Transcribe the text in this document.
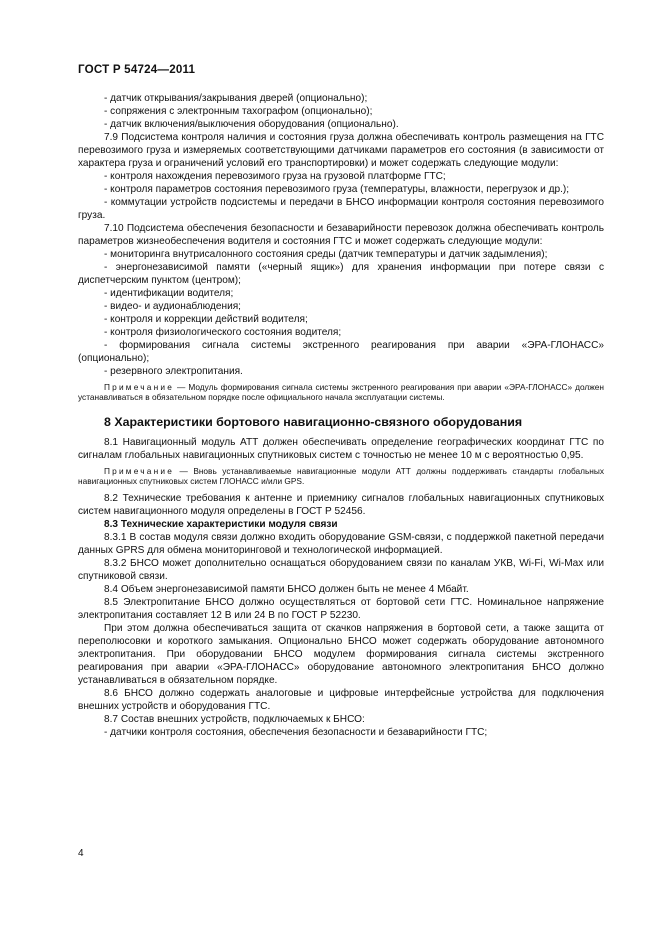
ГОСТ Р 54724—2011

- датчик открывания/закрывания дверей (опционально);

- сопряжения с электронным тахографом (опционально);

- датчик включения/выключения оборудования (опционально).

7.9 Подсистема контроля наличия и состояния груза должна обеспечивать контроль размещения на ГТС перевозимого груза и измеряемых соответствующими датчиками параметров его состояния (в зависимости от характера груза и ограничений условий его транспортировки) и может содержать следующие модули:

- контроля нахождения перевозимого груза на грузовой платформе ГТС;

- контроля параметров состояния перевозимого груза (температуры, влажности, перегрузок и др.);

- коммутации устройств подсистемы и передачи в БНСО информации контроля состояния перевозимого груза.

7.10 Подсистема обеспечения безопасности и безаварийности перевозок должна обеспечивать контроль параметров жизнеобеспечения водителя и состояния ГТС и может содержать следующие модули:

- мониторинга внутрисалонного состояния среды (датчик температуры и датчик задымления);

- энергонезависимой памяти («черный ящик») для хранения информации при потере связи с диспетчерским пунктом (центром);

- идентификации водителя;

- видео- и аудионаблюдения;

- контроля и коррекции действий водителя;

- контроля физиологического состояния водителя;

- формирования сигнала системы экстренного реагирования при аварии «ЭРА-ГЛОНАСС» (опционально);

- резервного электропитания.

Примечание — Модуль формирования сигнала системы экстренного реагирования при аварии «ЭРА-ГЛОНАСС» должен устанавливаться в обязательном порядке после официального начала эксплуатации системы.

8 Характеристики бортового навигационно-связного оборудования

8.1 Навигационный модуль АТТ должен обеспечивать определение географических координат ГТС по сигналам глобальных навигационных спутниковых систем с точностью не менее 10 м с вероятностью 0,95.

Примечание — Вновь устанавливаемые навигационные модули АТТ должны поддерживать стандарты глобальных навигационных спутниковых систем ГЛОНАСС и/или GPS.

8.2 Технические требования к антенне и приемнику сигналов глобальных навигационных спутниковых систем навигационного модуля определены в ГОСТ Р 52456.

8.3 Технические характеристики модуля связи

8.3.1 В состав модуля связи должно входить оборудование GSM-связи, с поддержкой пакетной передачи данных GPRS для обмена мониторинговой и технологической информацией.

8.3.2 БНСО может дополнительно оснащаться оборудованием связи по каналам УКВ, Wi-Fi, Wi-Max или спутниковой связи.

8.4 Объем энергонезависимой памяти БНСО должен быть не менее 4 Мбайт.

8.5 Электропитание БНСО должно осуществляться от бортовой сети ГТС. Номинальное напряжение электропитания составляет 12 В или 24 В по ГОСТ Р 52230.

При этом должна обеспечиваться защита от скачков напряжения в бортовой сети, а также защита от переполюсовки и короткого замыкания. Опционально БНСО может содержать оборудование автономного электропитания. При оборудовании БНСО модулем формирования сигнала системы экстренного реагирования при аварии «ЭРА-ГЛОНАСС» оборудование автономного электропитания БНСО должно устанавливаться в обязательном порядке.

8.6 БНСО должно содержать аналоговые и цифровые интерфейсные устройства для подключения внешних устройств и оборудования ГТС.

8.7 Состав внешних устройств, подключаемых к БНСО:

- датчики контроля состояния, обеспечения безопасности и безаварийности ГТС;

4
